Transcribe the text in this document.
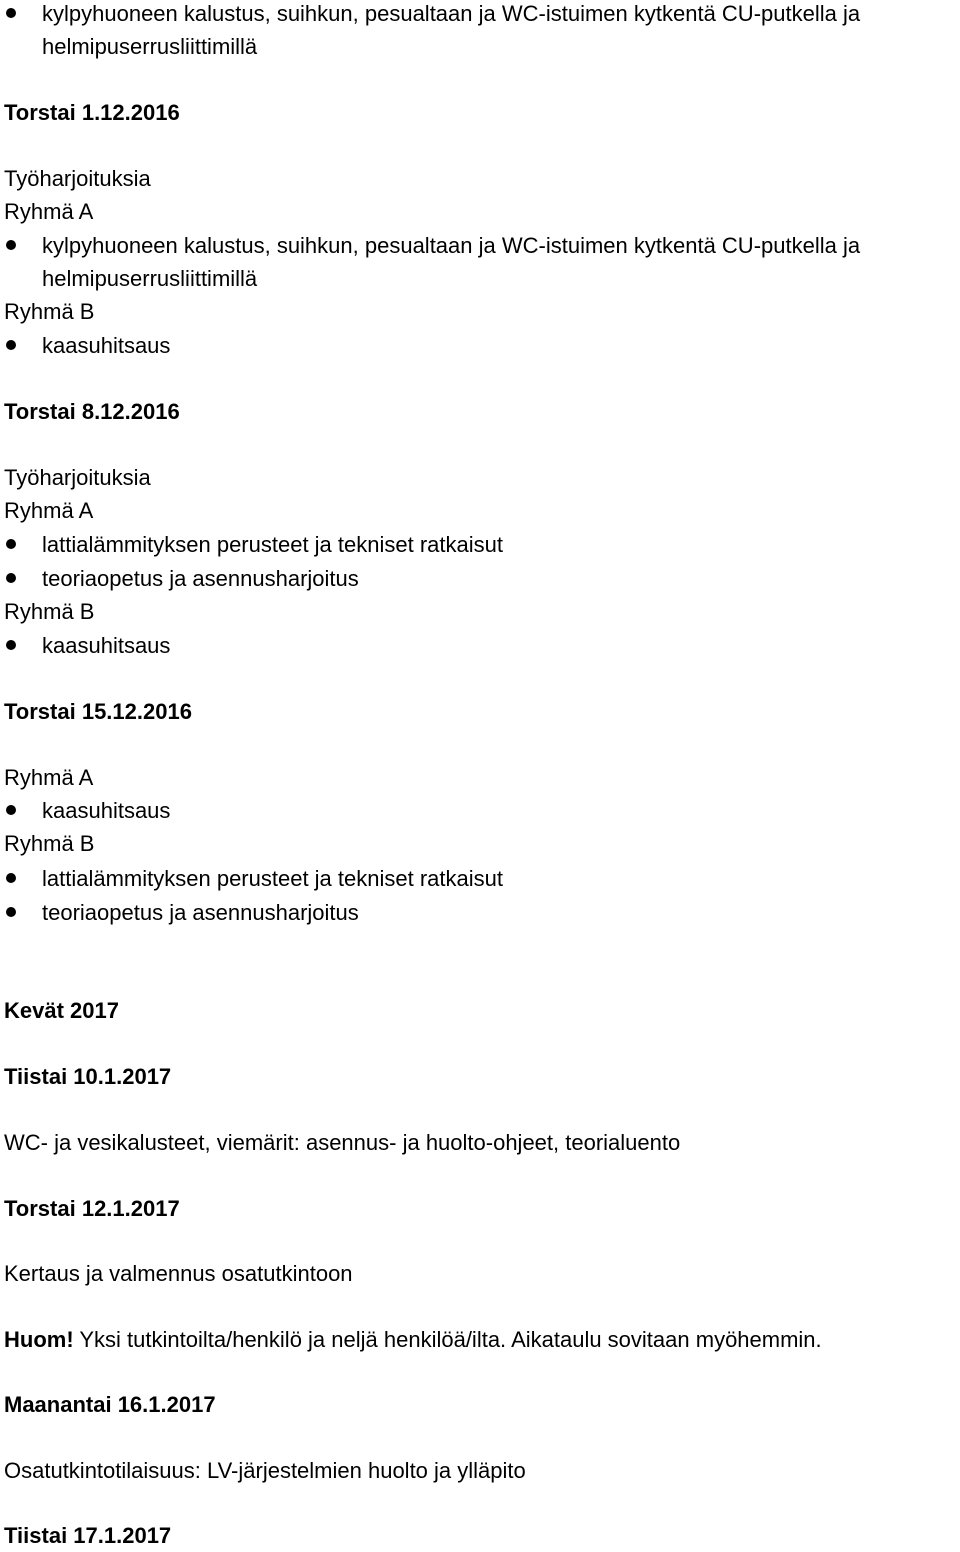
kylpyhuoneen kalustus, suihkun, pesualtaan ja WC-istuimen kytkentä CU-putkella ja
helmipuserrusliittimillä
Torstai 1.12.2016
Työharjoituksia
Ryhmä A
kylpyhuoneen kalustus, suihkun, pesualtaan ja WC-istuimen kytkentä CU-putkella ja
helmipuserrusliittimillä
Ryhmä B
kaasuhitsaus
Torstai 8.12.2016
Työharjoituksia
Ryhmä A
lattialämmityksen perusteet ja tekniset ratkaisut
teoriaopetus ja asennusharjoitus
Ryhmä B
kaasuhitsaus
Torstai 15.12.2016
Ryhmä A
kaasuhitsaus
Ryhmä B
lattialämmityksen perusteet ja tekniset ratkaisut
teoriaopetus ja asennusharjoitus
Kevät 2017
Tiistai 10.1.2017
WC- ja vesikalusteet, viemärit: asennus- ja huolto-ohjeet, teorialuento
Torstai 12.1.2017
Kertaus ja valmennus osatutkintoon
Huom! Yksi tutkintoilta/henkilö ja neljä henkilöä/ilta. Aikataulu sovitaan myöhemmin.
Maanantai 16.1.2017
Osatutkintotilaisuus: LV-järjestelmien huolto ja ylläpito
Tiistai 17.1.2017
